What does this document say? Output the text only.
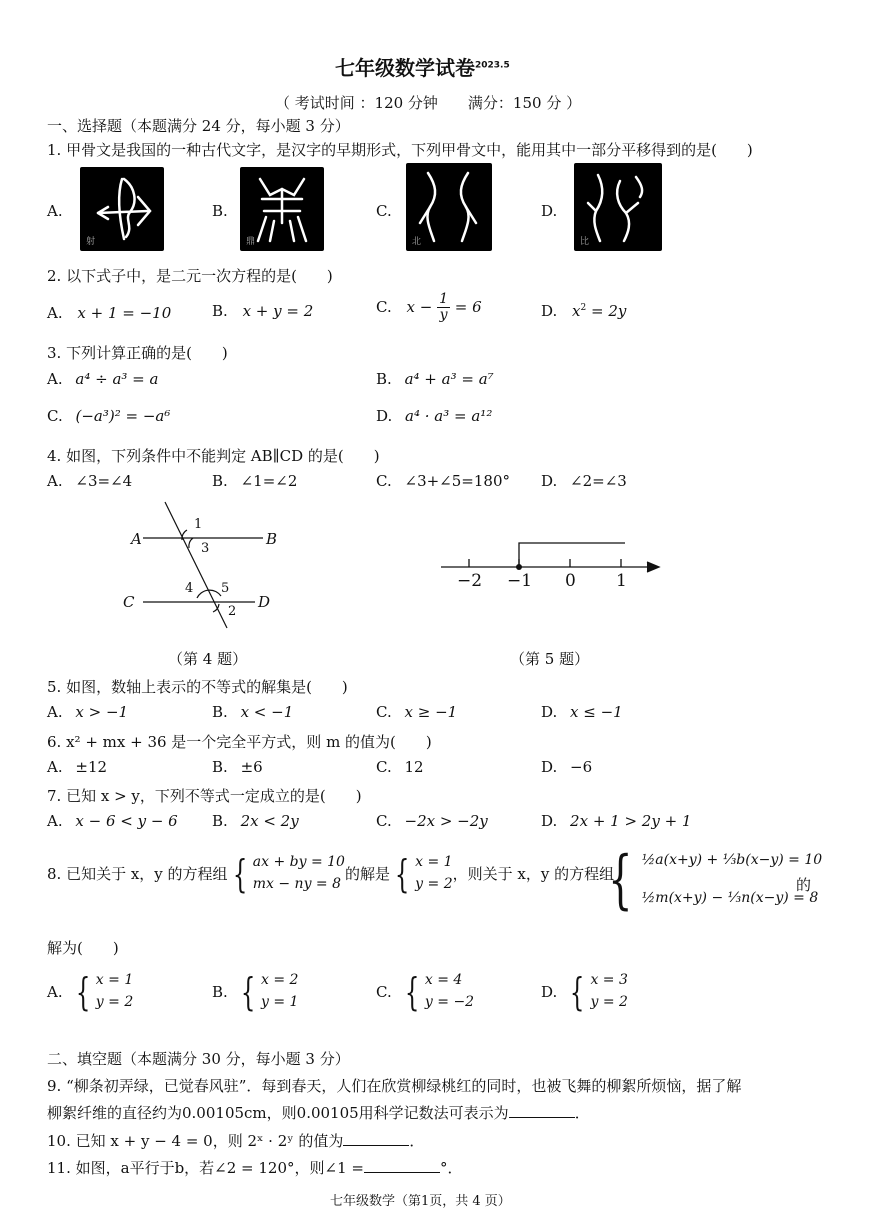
七年级数学试卷$^{2023.5}$
（ 考试时间 ：120 分钟　　满分：150 分 ）
一、选择题（本题满分 24 分，每小题 3 分）
1. 甲骨文是我国的一种古代文字，是汉字的早期形式，下列甲骨文中，能用其中一部分平移得到的是(　　)
A.
射
B.
鼎
C.
北
D.
比
2. 以下式子中，是二元一次方程的是(　　)
A. x + 1 = −10	B. x + y = 2	C. $x - \frac{1}{y} = 6$	D. $x^2 = 2y$
3. 下列计算正确的是(　　)
A. a⁴ ÷ a³ = a	B. a⁴ + a³ = a⁷
C. (−a³)² = −a⁶	D. a⁴ · a³ = a¹²
4. 如图，下列条件中不能判定 AB∥CD 的是(　　)
A. ∠3=∠4	B. ∠1=∠2	C. ∠3+∠5=180° D. ∠2=∠3
A	B
C	D
1
3
4 5
2
−2 −1 0 1
（第 4 题）	（第 5 题）
5. 如图，数轴上表示的不等式的解集是(　　)
A. x > −1	B. x < −1	C. x ≥ −1	D. x ≤ −1
6. x² + mx + 36 是一个完全平方式，则 m 的值为(　　)
A. ±12	B. ±6	C. 12	D. −6
7. 已知 x > y，下列不等式一定成立的是(　　)
A. x − 6 < y − 6 B. 2x < 2y	C. −2x > −2y	D. 2x + 1 > 2y + 1
8. 已知关于 x，y 的方程组 { ax + by = 10
mx − ny = 8
的解是 { x = 1
y = 2
，则关于 x，y 的方程组
{ ½a(x+y) + ⅓b(x−y) = 10
½m(x+y) − ⅓n(x−y) = 8
的
解为(　　)
A. { x = 1
y = 2
B. { x = 2
y = 1
C. { x = 4
y = −2
D. { x = 3
y = 2
二、填空题（本题满分 30 分，每小题 3 分）
9. “柳条初弄绿，已觉春风驻”．每到春天，人们在欣赏柳绿桃红的同时，也被飞舞的柳絮所烦恼，据了解
柳絮纤维的直径约为0.00105cm，则0.00105用科学记数法可表示为	．
10. 已知 x + y − 4 = 0，则 2ˣ · 2ʸ 的值为	．
11. 如图，a平行于b，若∠2 = 120°，则∠1 =	°．
七年级数学（第1页，共 4 页）
